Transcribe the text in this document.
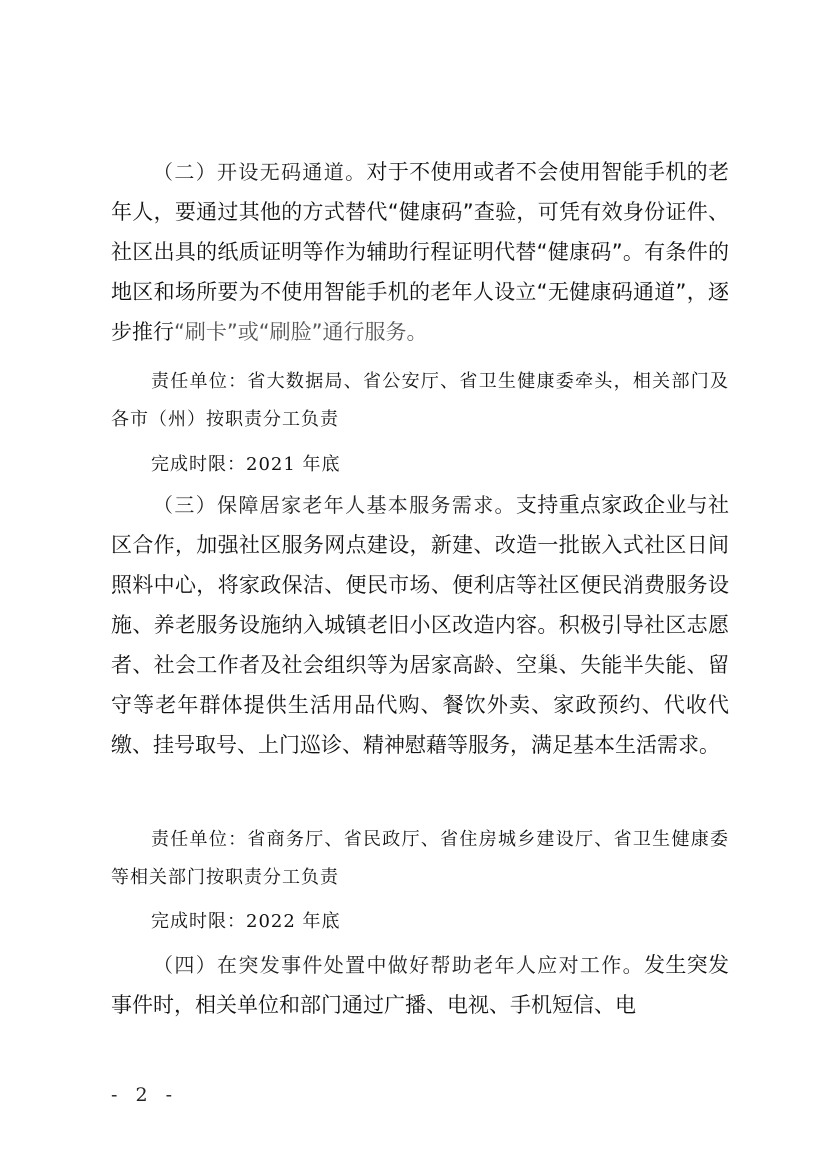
（二）开设无码通道。对于不使用或者不会使用智能手机的老年人，要通过其他的方式替代“健康码”查验，可凭有效身份证件、社区出具的纸质证明等作为辅助行程证明代替“健康码”。有条件的地区和场所要为不使用智能手机的老年人设立“无健康码通道”，逐步推行“刷卡”或“刷脸”通行服务。

责任单位：省大数据局、省公安厅、省卫生健康委牵头，相关部门及各市（州）按职责分工负责

完成时限：2021 年底

（三）保障居家老年人基本服务需求。支持重点家政企业与社区合作，加强社区服务网点建设，新建、改造一批嵌入式社区日间照料中心，将家政保洁、便民市场、便利店等社区便民消费服务设施、养老服务设施纳入城镇老旧小区改造内容。积极引导社区志愿者、社会工作者及社会组织等为居家高龄、空巢、失能半失能、留守等老年群体提供生活用品代购、餐饮外卖、家政预约、代收代缴、挂号取号、上门巡诊、精神慰藉等服务，满足基本生活需求。

责任单位：省商务厅、省民政厅、省住房城乡建设厅、省卫生健康委等相关部门按职责分工负责

完成时限：2022 年底

（四）在突发事件处置中做好帮助老年人应对工作。发生突发事件时，相关单位和部门通过广播、电视、手机短信、电

- 2 -
